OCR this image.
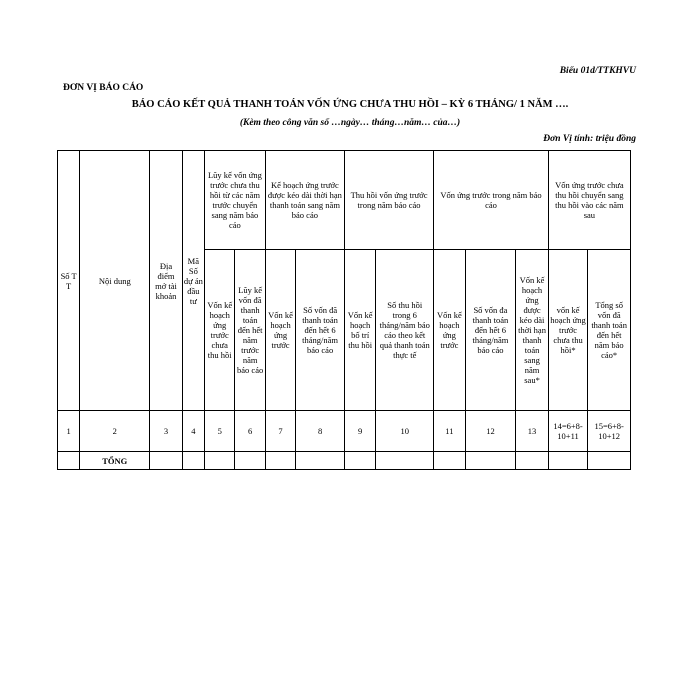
Biểu 01d/TTKHVU
ĐƠN VỊ BÁO CÁO
BÁO CÁO KẾT QUẢ THANH TOÁN VỐN ỨNG CHƯA THU HỒI – KỲ 6 THÁNG/ 1 NĂM ….
(Kèm theo công văn số …ngày… tháng…năm… của…)
Đơn Vị tính: triệu đồng
Số T T	Nội dung	Địa điểm mở tài khoản	Mã Số dự án đầu tư	Lũy kế vốn ứng trước chưa thu hồi từ các năm trước chuyển sang năm báo cáo		Kế hoạch ứng trước được kéo dài thời hạn thanh toán sang năm báo cáo		Thu hồi vốn ứng trước trong năm báo cáo		Vốn ứng trước trong năm báo cáo			Vốn ứng trước chưa thu hồi chuyển sang thu hồi vào các năm sau	
				Vốn kế hoạch ứng trước chưa thu hồi	Lũy kế vốn đã thanh toán đến hết năm trước năm báo cáo	Vốn kế hoạch ứng trước	Số vốn đã thanh toán đến hết 6 tháng/năm báo cáo	Vốn kế hoạch bố trí thu hồi	Số thu hồi trong 6 tháng/năm báo cáo theo kết quả thanh toán thực tế	Vốn kế hoạch ứng trước	Số vốn đa thanh toán đến hết 6 tháng/năm báo cáo	Vốn kế hoạch ứng được kéo dài thời hạn thanh toán sang năm sau*	vốn kế hoạch ứng trước chưa thu hồi*	Tổng số vốn đã thanh toán đến hết năm báo cáo*
1	2	3	4	5	6	7	8	9	10	11	12	13	14=6+8-10+11	15=6+8-10+12
	TỔNG													
